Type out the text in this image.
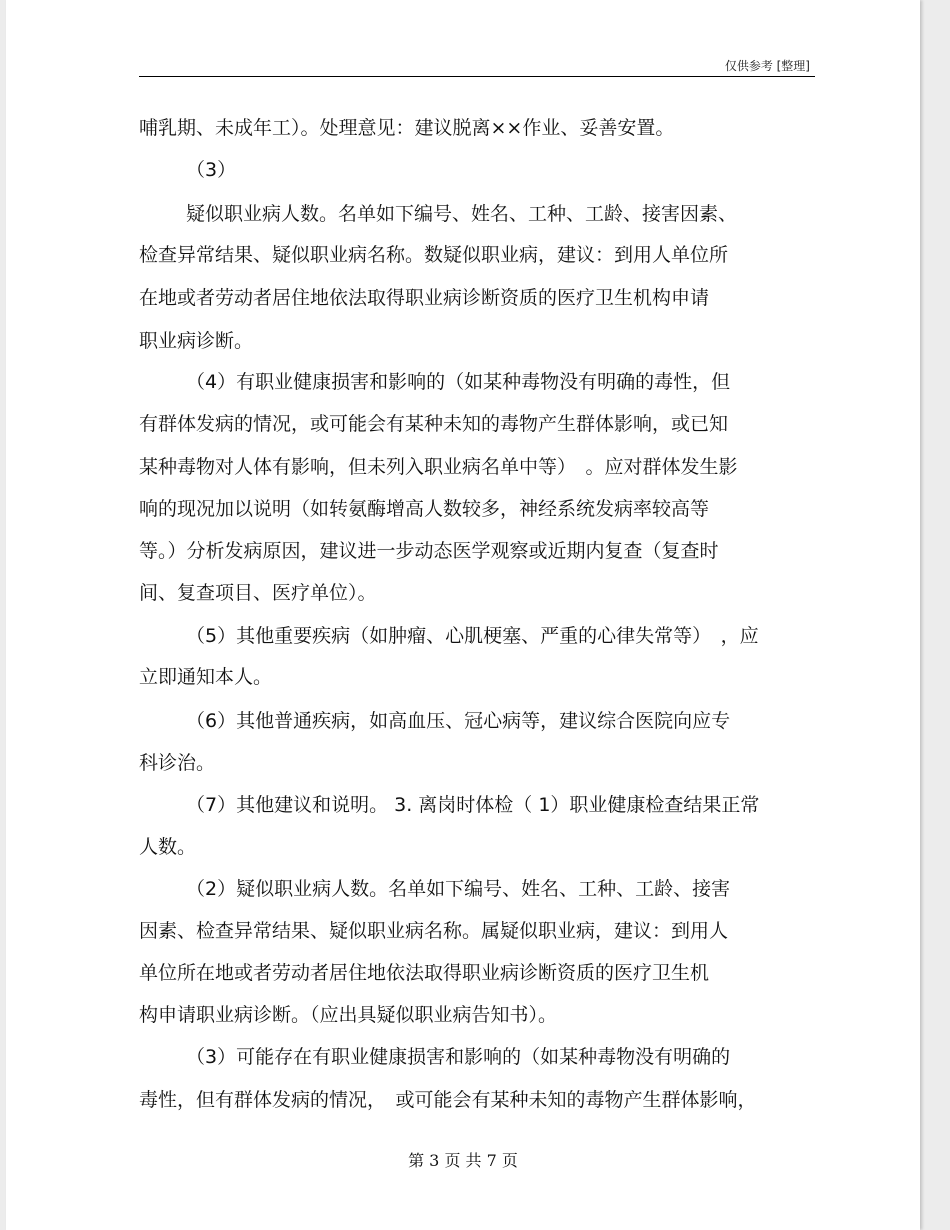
仅供参考 [整理]
哺乳期、未成年工）。处理意见：建议脱离××作业、妥善安置。
（3）
疑似职业病人数。名单如下编号、姓名、工种、工龄、接害因素、
检查异常结果、疑似职业病名称。数疑似职业病，建议：到用人单位所
在地或者劳动者居住地依法取得职业病诊断资质的医疗卫生机构申请
职业病诊断。
（4）有职业健康损害和影响的（如某种毒物没有明确的毒性，但
有群体发病的情况，或可能会有某种未知的毒物产生群体影响，或已知
某种毒物对人体有影响，但未列入职业病名单中等）　。应对群体发生影
响的现况加以说明（如转氨酶增高人数较多，神经系统发病率较高等
等。）分析发病原因，建议进一步动态医学观察或近期内复查（复查时
间、复查项目、医疗单位）。
（5）其他重要疾病（如肿瘤、心肌梗塞、严重的心律失常等）　，应
立即通知本人。
（6）其他普通疾病，如高血压、冠心病等，建议综合医院向应专
科诊治。
（7）其他建议和说明。 3. 离岗时体检（ 1）职业健康检查结果正常
人数。
（2）疑似职业病人数。名单如下编号、姓名、工种、工龄、接害
因素、检查异常结果、疑似职业病名称。属疑似职业病，建议：到用人
单位所在地或者劳动者居住地依法取得职业病诊断资质的医疗卫生机
构申请职业病诊断。（应出具疑似职业病告知书）。
（3）可能存在有职业健康损害和影响的（如某种毒物没有明确的
毒性，但有群体发病的情况，　或可能会有某种未知的毒物产生群体影响，
第 3 页 共 7 页
